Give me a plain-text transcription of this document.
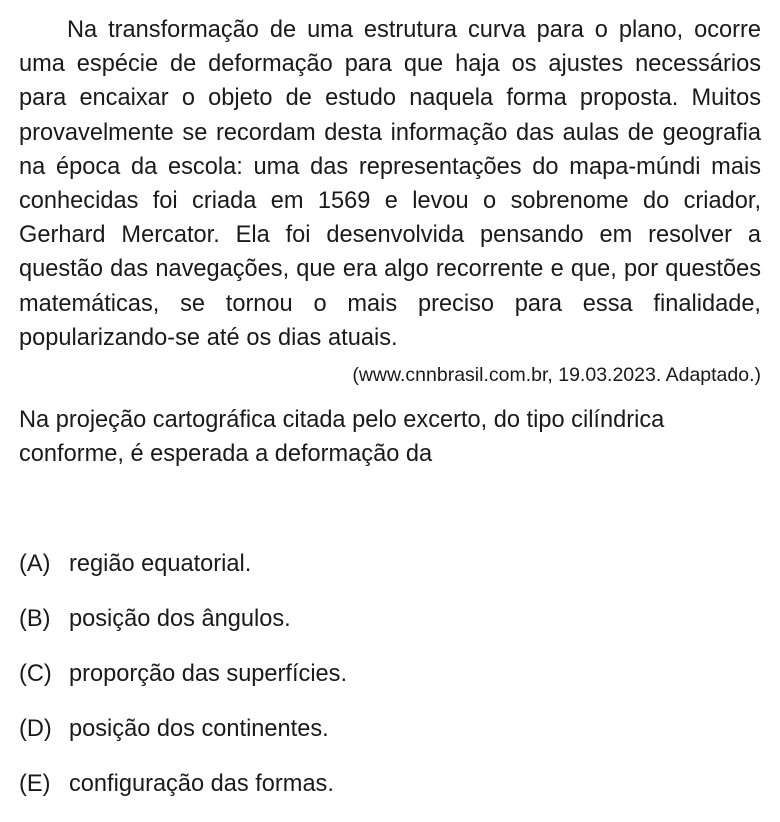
Na transformação de uma estrutura curva para o plano, ocorre uma espécie de deformação para que haja os ajustes necessários para encaixar o objeto de estudo naquela forma proposta. Muitos provavelmente se recordam desta informação das aulas de geografia na época da escola: uma das representações do mapa-múndi mais conhecidas foi criada em 1569 e levou o sobrenome do criador, Gerhard Mercator. Ela foi desenvolvida pensando em resolver a questão das navegações, que era algo recorrente e que, por questões matemáticas, se tornou o mais preciso para essa finalidade, popularizando-se até os dias atuais.

(www.cnnbrasil.com.br, 19.03.2023. Adaptado.)

Na projeção cartográfica citada pelo excerto, do tipo cilíndrica conforme, é esperada a deformação da

(A) região equatorial.
(B) posição dos ângulos.
(C) proporção das superfícies.
(D) posição dos continentes.
(E) configuração das formas.
